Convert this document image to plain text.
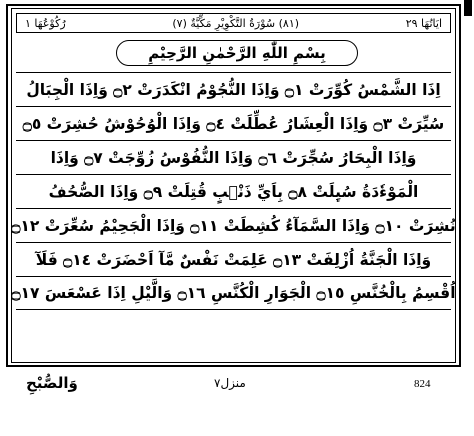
ايَاتُهَا ٢٩
(٨١) سُوْرَةُ التَّكْوِيْرِ مَكِّيَّةٌ (٧)
رُكُوْعُهَا ١
بِسْمِ اللّٰهِ الرَّحْمٰنِ الرَّحِيْمِ
اِذَا الشَّمْسُ كُوِّرَتْ ۝١ وَاِذَا النُّجُوْمُ انْكَدَرَتْ ۝٢ وَاِذَا الْجِبَالُ
سُيِّرَتْ ۝٣ وَاِذَا الْعِشَارُ عُطِّلَتْ ۝٤ وَاِذَا الْوُحُوْشُ حُشِرَتْ ۝٥
وَاِذَا الْبِحَارُ سُجِّرَتْ ۝٦ وَاِذَا النُّفُوْسُ زُوِّجَتْ ۝٧ وَاِذَا
الْمَوْءٗدَةُ سُىِٕلَتْ ۝٨ بِاَيِّ ذَنْۢبٍ قُتِلَتْ ۝٩ وَاِذَا الصُّحُفُ
نُشِرَتْ ۝١٠ وَاِذَا السَّمَآءُ كُشِطَتْ ۝١١ وَاِذَا الْجَحِيْمُ سُعِّرَتْ ۝١٢
وَاِذَا الْجَنَّةُ اُزْلِفَتْ ۝١٣ عَلِمَتْ نَفْسٌ مَّآ اَحْضَرَتْ ۝١٤ فَلَآ
اُقْسِمُ بِالْخُنَّسِ ۝١٥ الْجَوَارِ الْكُنَّسِ ۝١٦ وَالَّيْلِ اِذَا عَسْعَسَ ۝١٧
وَالصُّبْحِ	منزل۷	824
